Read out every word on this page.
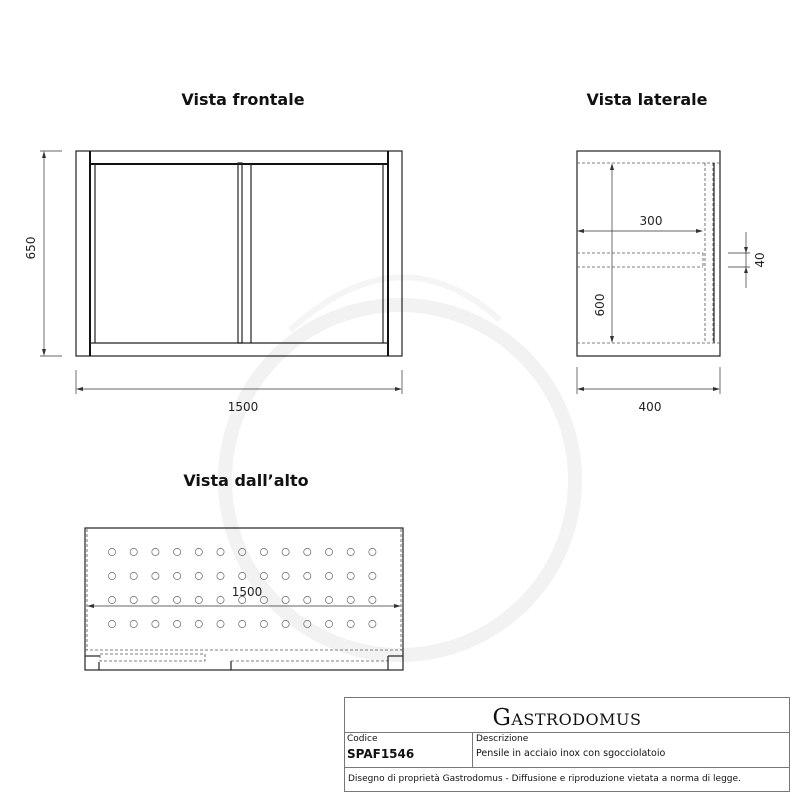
Vista frontale
650
1500
Vista laterale
300
600
40
400
Vista dall’alto
1500
Gastrodomus
Codice
SPAF1546
Descrizione
Pensile in acciaio inox con sgocciolatoio
Disegno di proprietà Gastrodomus - Diffusione e riproduzione vietata a norma di legge.
